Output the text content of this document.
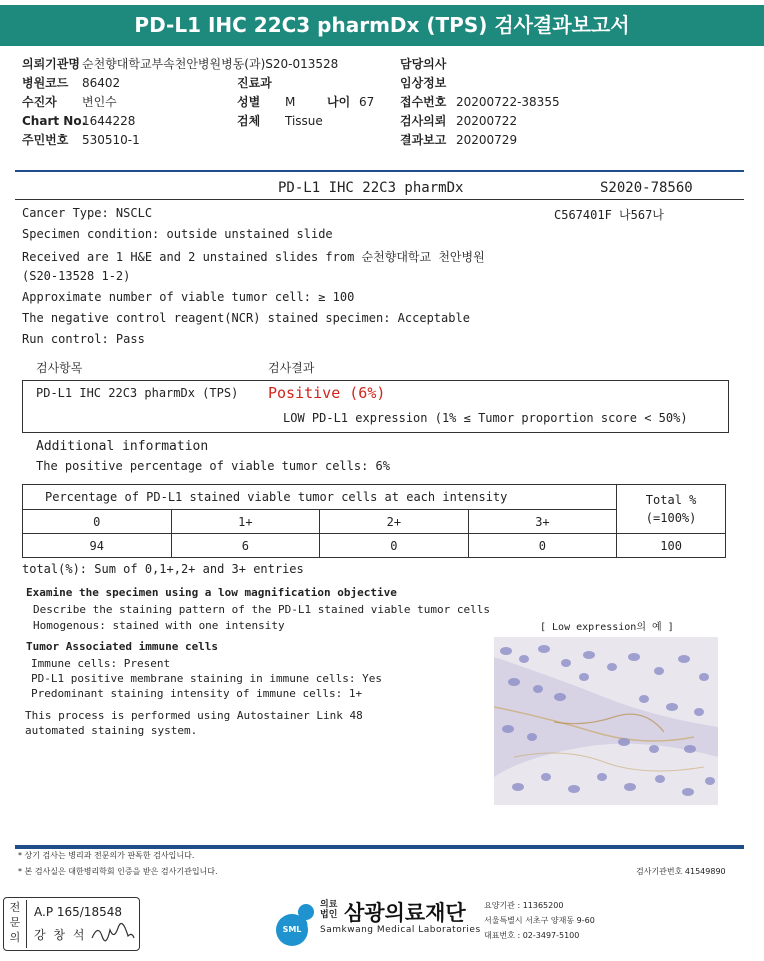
PD-L1 IHC 22C3 pharmDx (TPS) 검사결과보고서
의뢰기관명 순천향대학교부속천안병원병동(과)S20-013528
병원코드 86402
수진자 변인수
Chart No.1644228
주민번호 530510-1
진료과
성별 M	나이 67
검체 Tissue
담당의사
임상정보
접수번호 20200722-38355
검사의뢰 20200722
결과보고 20200729
PD-L1 IHC 22C3 pharmDx	S2020-78560
C567401F 나567나
Cancer Type: NSCLC
Specimen condition: outside unstained slide
Received are 1 H&E and 2 unstained slides from 순천향대학교 천안병원
(S20-13528 1-2)
Approximate number of viable tumor cell: ≥ 100
The negative control reagent(NCR) stained specimen: Acceptable
Run control: Pass
검사항목	검사결과
PD-L1 IHC 22C3 pharmDx (TPS) Positive (6%)
LOW PD-L1 expression (1% ≤ Tumor proportion score < 50%)
Additional information
The positive percentage of viable tumor cells: 6%
Percentage of PD-L1 stained viable tumor cells at each intensity				Total %
(=100%)

0	1+	2+	3+	
94	6	0	0	100
total(%): Sum of 0,1+,2+ and 3+ entries
Examine the specimen using a low magnification objective
Describe the staining pattern of the PD-L1 stained viable tumor cells
Homogenous: stained with one intensity
Tumor Associated immune cells
Immune cells: Present
PD-L1 positive membrane staining in immune cells: Yes
Predominant staining intensity of immune cells: 1+
This process is performed using Autostainer Link 48
automated staining system.
[ Low expression의 예 ]
* 상기 검사는 병리과 전문의가 판독한 검사입니다.
* 본 검사실은 대한병리학회 인증을 받은 검사기관입니다.	검사기관번호 41549890
전문의
A.P 165/18548
강 창 석	SML
의료
법인 삼광의료재단
Samkwang Medical Laboratories
요양기관 : 11365200
서울특별시 서초구 양재동 9-60
대표번호 : 02-3497-5100
